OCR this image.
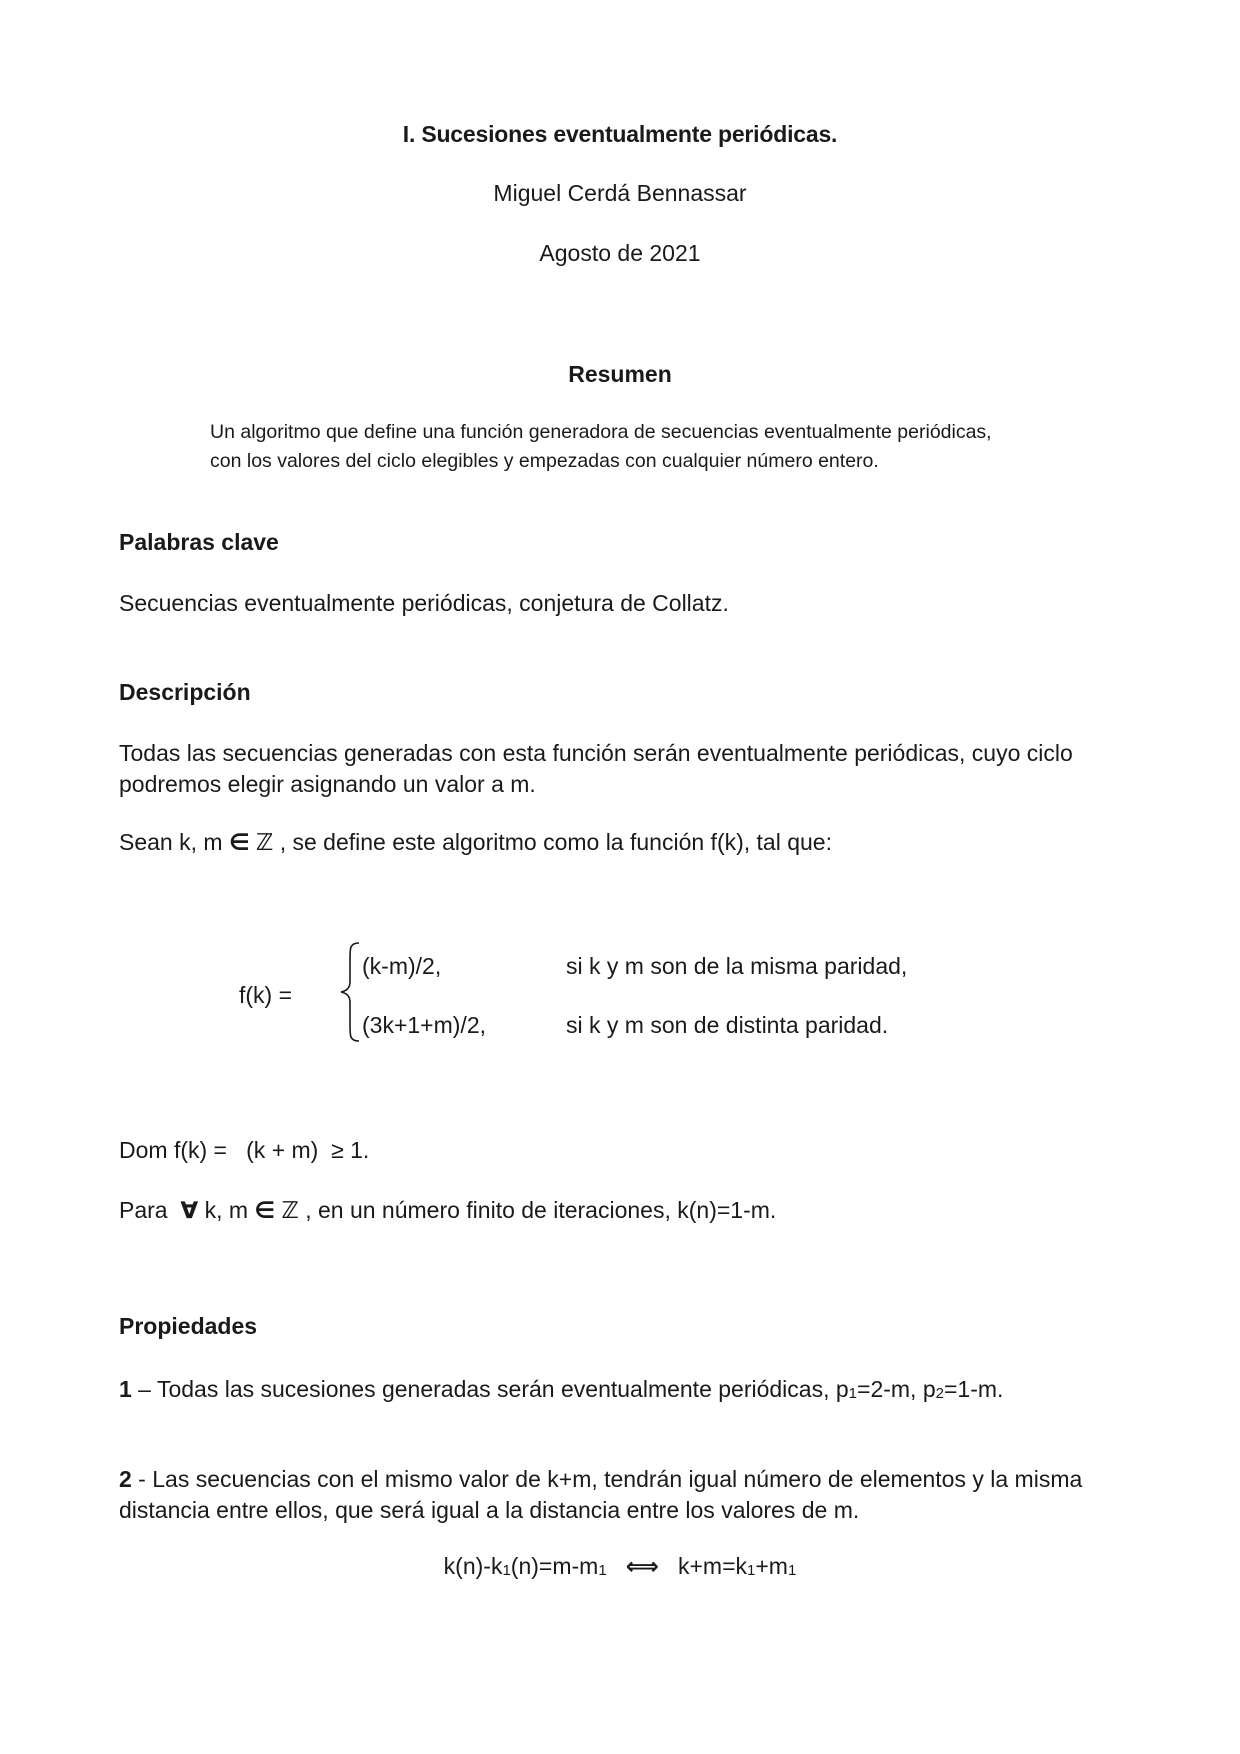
I. Sucesiones eventualmente periódicas.

Miguel Cerdá Bennassar

Agosto de 2021

Resumen
Un algoritmo que define una función generadora de secuencias eventualmente periódicas,
con los valores del ciclo elegibles y empezadas con cualquier número entero.
Palabras clave

Secuencias eventualmente periódicas, conjetura de Collatz.

Descripción
Todas las secuencias generadas con esta función serán eventualmente periódicas, cuyo ciclo
podremos elegir asignando un valor a m.

Sean k, m ∈ ℤ , se define este algoritmo como la función f(k), tal que:

f(k) =
(k-m)/2,	si k y m son de la misma paridad,
(3k+1+m)/2,	si k y m son de distinta paridad.

Dom f(k) =   (k + m)  ≥ 1.

Para ∀ k, m ∈ ℤ , en un número finito de iteraciones, k(n)=1-m.

Propiedades

1 – Todas las sucesiones generadas serán eventualmente periódicas, $p_1=2-m$, $p_2=1-m$.

2 - Las secuencias con el mismo valor de k+m, tendrán igual número de elementos y la misma
distancia entre ellos, que será igual a la distancia entre los valores de m.

$k(n)-k_1(n)=m-m_1$ ⟺ $k+m=k_1+m_1$
